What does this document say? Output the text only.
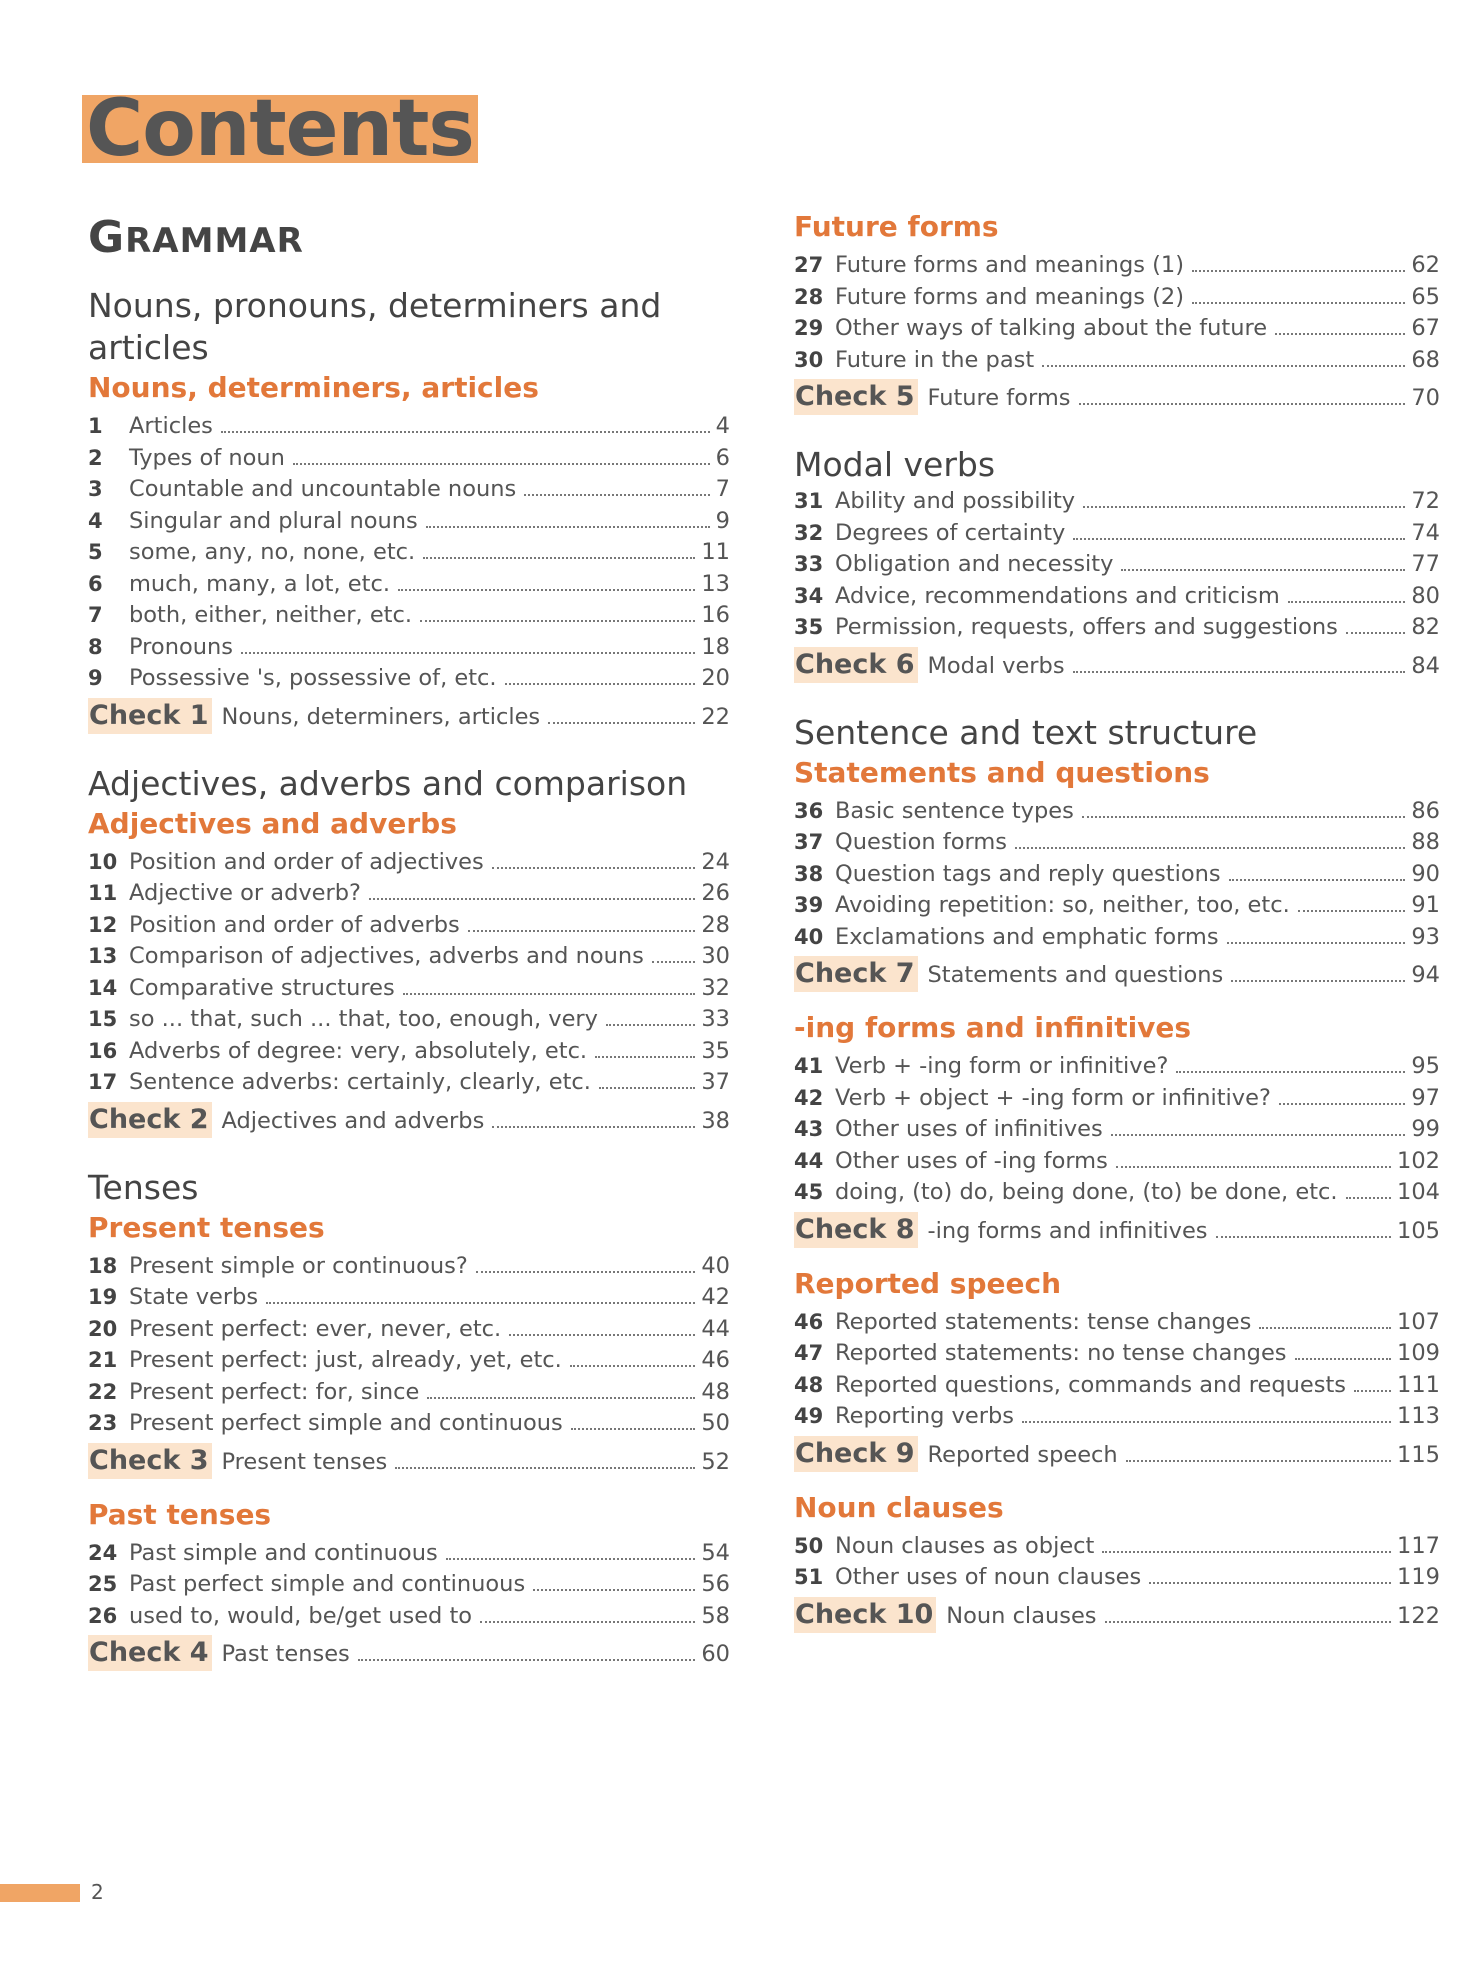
Contents
GRAMMAR
Nouns, pronouns, determiners and articles
Nouns, determiners, articles
1	Articles	4
2	Types of noun	6
3	Countable and uncountable nouns	7
4	Singular and plural nouns	9
5	some, any, no, none, etc.	11
6	much, many, a lot, etc.	13
7	both, either, neither, etc.	16
8	Pronouns	18
9	Possessive 's, possessive of, etc.	20
Check 1 Nouns, determiners, articles	22
Adjectives, adverbs and comparison
Adjectives and adverbs
10 Position and order of adjectives	24
11 Adjective or adverb?	26
12 Position and order of adverbs	28
13 Comparison of adjectives, adverbs and nouns	30
14 Comparative structures	32
15 so ... that, such ... that, too, enough, very	33
16 Adverbs of degree: very, absolutely, etc.	35
17 Sentence adverbs: certainly, clearly, etc.	37
Check 2 Adjectives and adverbs	38
Tenses
Present tenses
18 Present simple or continuous?	40
19 State verbs	42
20 Present perfect: ever, never, etc.	44
21 Present perfect: just, already, yet, etc.	46
22 Present perfect: for, since	48
23 Present perfect simple and continuous	50
Check 3 Present tenses	52
Past tenses
24 Past simple and continuous	54
25 Past perfect simple and continuous	56
26 used to, would, be/get used to	58
Check 4 Past tenses	60
Future forms
27 Future forms and meanings (1)	62
28 Future forms and meanings (2)	65
29 Other ways of talking about the future	67
30 Future in the past	68
Check 5 Future forms	70
Modal verbs
31 Ability and possibility	72
32 Degrees of certainty	74
33 Obligation and necessity	77
34 Advice, recommendations and criticism	80
35 Permission, requests, offers and suggestions	82
Check 6 Modal verbs	84
Sentence and text structure
Statements and questions
36 Basic sentence types	86
37 Question forms	88
38 Question tags and reply questions	90
39 Avoiding repetition: so, neither, too, etc.	91
40 Exclamations and emphatic forms	93
Check 7 Statements and questions	94
-ing forms and infinitives
41 Verb + -ing form or infinitive?	95
42 Verb + object + -ing form or infinitive?	97
43 Other uses of infinitives	99
44 Other uses of -ing forms	102
45 doing, (to) do, being done, (to) be done, etc.	104
Check 8 -ing forms and infinitives	105
Reported speech
46 Reported statements: tense changes	107
47 Reported statements: no tense changes	109
48 Reported questions, commands and requests 111
49 Reporting verbs	113
Check 9 Reported speech	115
Noun clauses
50 Noun clauses as object	117
51 Other uses of noun clauses	119
Check 10 Noun clauses	122
2
